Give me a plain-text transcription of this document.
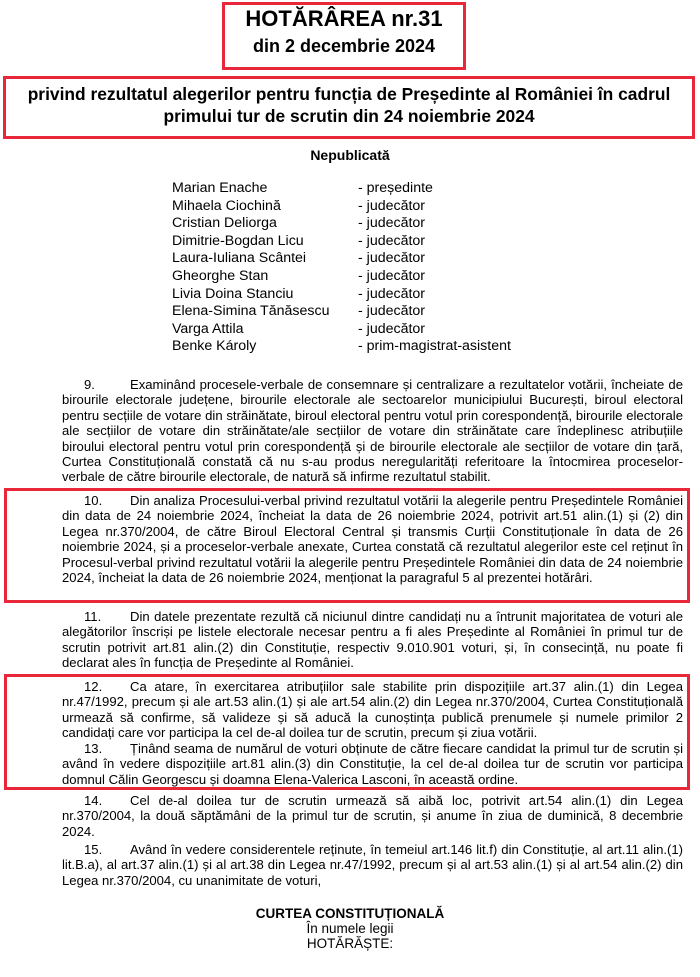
HOTĂRÂREA nr.31
din 2 decembrie 2024
privind rezultatul alegerilor pentru funcția de Președinte al României în cadrul primului tur de scrutin din 24 noiembrie 2024
Nepublicată
Marian Enache	- președinte
Mihaela Ciochină	- judecător
Cristian Deliorga	- judecător
Dimitrie-Bogdan Licu	- judecător
Laura-Iuliana Scântei	- judecător
Gheorghe Stan	- judecător
Livia Doina Stanciu	- judecător
Elena-Simina Tănăsescu - judecător
Varga Attila	- judecător
Benke Károly	- prim-magistrat-asistent

9.	Examinând procesele-verbale de consemnare și centralizare a rezultatelor votării, încheiate de birourile electorale județene, birourile electorale ale sectoarelor municipiului București, biroul electoral pentru secțiile de votare din străinătate, biroul electoral pentru votul prin corespondență, birourile electorale ale secțiilor de votare din străinătate/ale secțiilor de votare din străinătate care îndeplinesc atribuțiile biroului electoral pentru votul prin corespondență și de birourile electorale ale secțiilor de votare din țară, Curtea Constituțională constată că nu s-au produs neregularități referitoare la întocmirea proceselor-verbale de către birourile electorale, de natură să infirme rezultatul stabilit.

10. Din analiza Procesului-verbal privind rezultatul votării la alegerile pentru Președintele României din data de 24 noiembrie 2024, încheiat la data de 26 noiembrie 2024, potrivit art.51 alin.(1) și (2) din Legea nr.370/2004, de către Biroul Electoral Central și transmis Curții Constituționale în data de 26 noiembrie 2024, și a proceselor-verbale anexate, Curtea constată că rezultatul alegerilor este cel reținut în Procesul-verbal privind rezultatul votării la alegerile pentru Președintele României din data de 24 noiembrie 2024, încheiat la data de 26 noiembrie 2024, menționat la paragraful 5 al prezentei hotărâri.

11. Din datele prezentate rezultă că niciunul dintre candidați nu a întrunit majoritatea de voturi ale alegătorilor înscriși pe listele electorale necesar pentru a fi ales Președinte al României în primul tur de scrutin potrivit art.81 alin.(2) din Constituție, respectiv 9.010.901 voturi, și, în consecință, nu poate fi declarat ales în funcția de Președinte al României.

12. Ca atare, în exercitarea atribuțiilor sale stabilite prin dispozițiile art.37 alin.(1) din Legea nr.47/1992, precum și ale art.53 alin.(1) și ale art.54 alin.(2) din Legea nr.370/2004, Curtea Constituțională urmează să confirme, să valideze și să aducă la cunoștința publică prenumele și numele primilor 2 candidați care vor participa la cel de-al doilea tur de scrutin, precum și ziua votării.

13. Ținând seama de numărul de voturi obținute de către fiecare candidat la primul tur de scrutin și având în vedere dispozițiile art.81 alin.(3) din Constituție, la cel de-al doilea tur de scrutin vor participa domnul Călin Georgescu și doamna Elena-Valerica Lasconi, în această ordine.

14. Cel de-al doilea tur de scrutin urmează să aibă loc, potrivit art.54 alin.(1) din Legea nr.370/2004, la două săptămâni de la primul tur de scrutin, și anume în ziua de duminică, 8 decembrie 2024.

15. Având în vedere considerentele reținute, în temeiul art.146 lit.f) din Constituție, al art.11 alin.(1) lit.B.a), al art.37 alin.(1) și al art.38 din Legea nr.47/1992, precum și al art.53 alin.(1) și al art.54 alin.(2) din Legea nr.370/2004, cu unanimitate de voturi,

CURTEA CONSTITUȚIONALĂ
În numele legii
HOTĂRĂȘTE:
